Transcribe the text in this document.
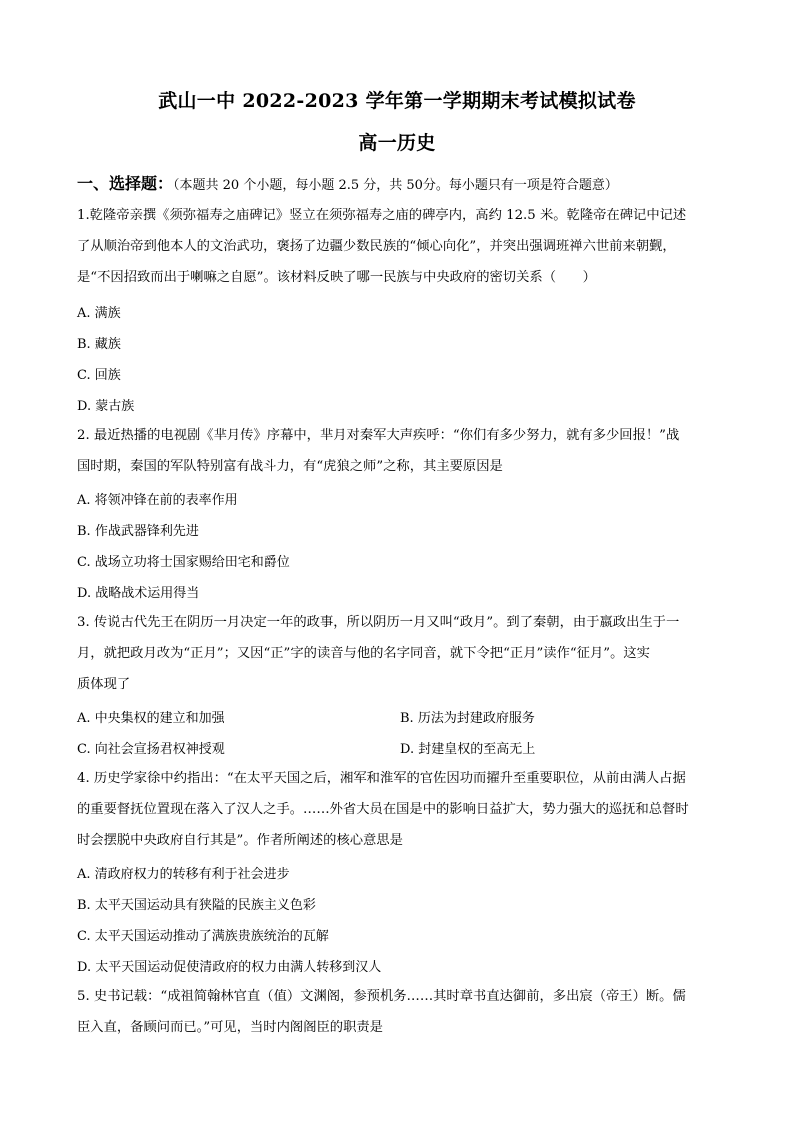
武山一中 2022-2023 学年第一学期期末考试模拟试卷
高一历史
一、选择题：（本题共 20 个小题，每小题 2.5 分，共 50分。每小题只有一项是符合题意）
1.乾隆帝亲撰《须弥福寿之庙碑记》竖立在须弥福寿之庙的碑亭内，高约 12.5 米。乾隆帝在碑记中记述
了从顺治帝到他本人的文治武功，褒扬了边疆少数民族的“倾心向化”，并突出强调班禅六世前来朝觐，
是“不因招致而出于喇嘛之自愿”。该材料反映了哪一民族与中央政府的密切关系（　　）
A. 满族
B. 藏族
C. 回族
D. 蒙古族
2. 最近热播的电视剧《芈月传》序幕中，芈月对秦军大声疾呼：“你们有多少努力，就有多少回报！”战
国时期，秦国的军队特别富有战斗力，有“虎狼之师”之称，其主要原因是
A. 将领冲锋在前的表率作用
B. 作战武器锋利先进
C. 战场立功将士国家赐给田宅和爵位
D. 战略战术运用得当
3. 传说古代先王在阴历一月决定一年的政事，所以阴历一月又叫“政月”。到了秦朝，由于嬴政出生于一
月，就把政月改为“正月”；又因“正”字的读音与他的名字同音，就下令把“正月”读作“征月”。这实
质体现了
A. 中央集权的建立和加强	B. 历法为封建政府服务
C. 向社会宣扬君权神授观	D. 封建皇权的至高无上
4. 历史学家徐中约指出：“在太平天国之后，湘军和淮军的官佐因功而擢升至重要职位，从前由满人占据
的重要督抚位置现在落入了汉人之手。……外省大员在国是中的影响日益扩大，势力强大的巡抚和总督时
时会摆脱中央政府自行其是”。作者所阐述的核心意思是
A. 清政府权力的转移有利于社会进步
B. 太平天国运动具有狭隘的民族主义色彩
C. 太平天国运动推动了满族贵族统治的瓦解
D. 太平天国运动促使清政府的权力由满人转移到汉人
5. 史书记载：“成祖简翰林官直（值）文渊阁，参预机务……其时章书直达御前，多出宸（帝王）断。儒
臣入直，备顾问而已。”可见，当时内阁阁臣的职责是
